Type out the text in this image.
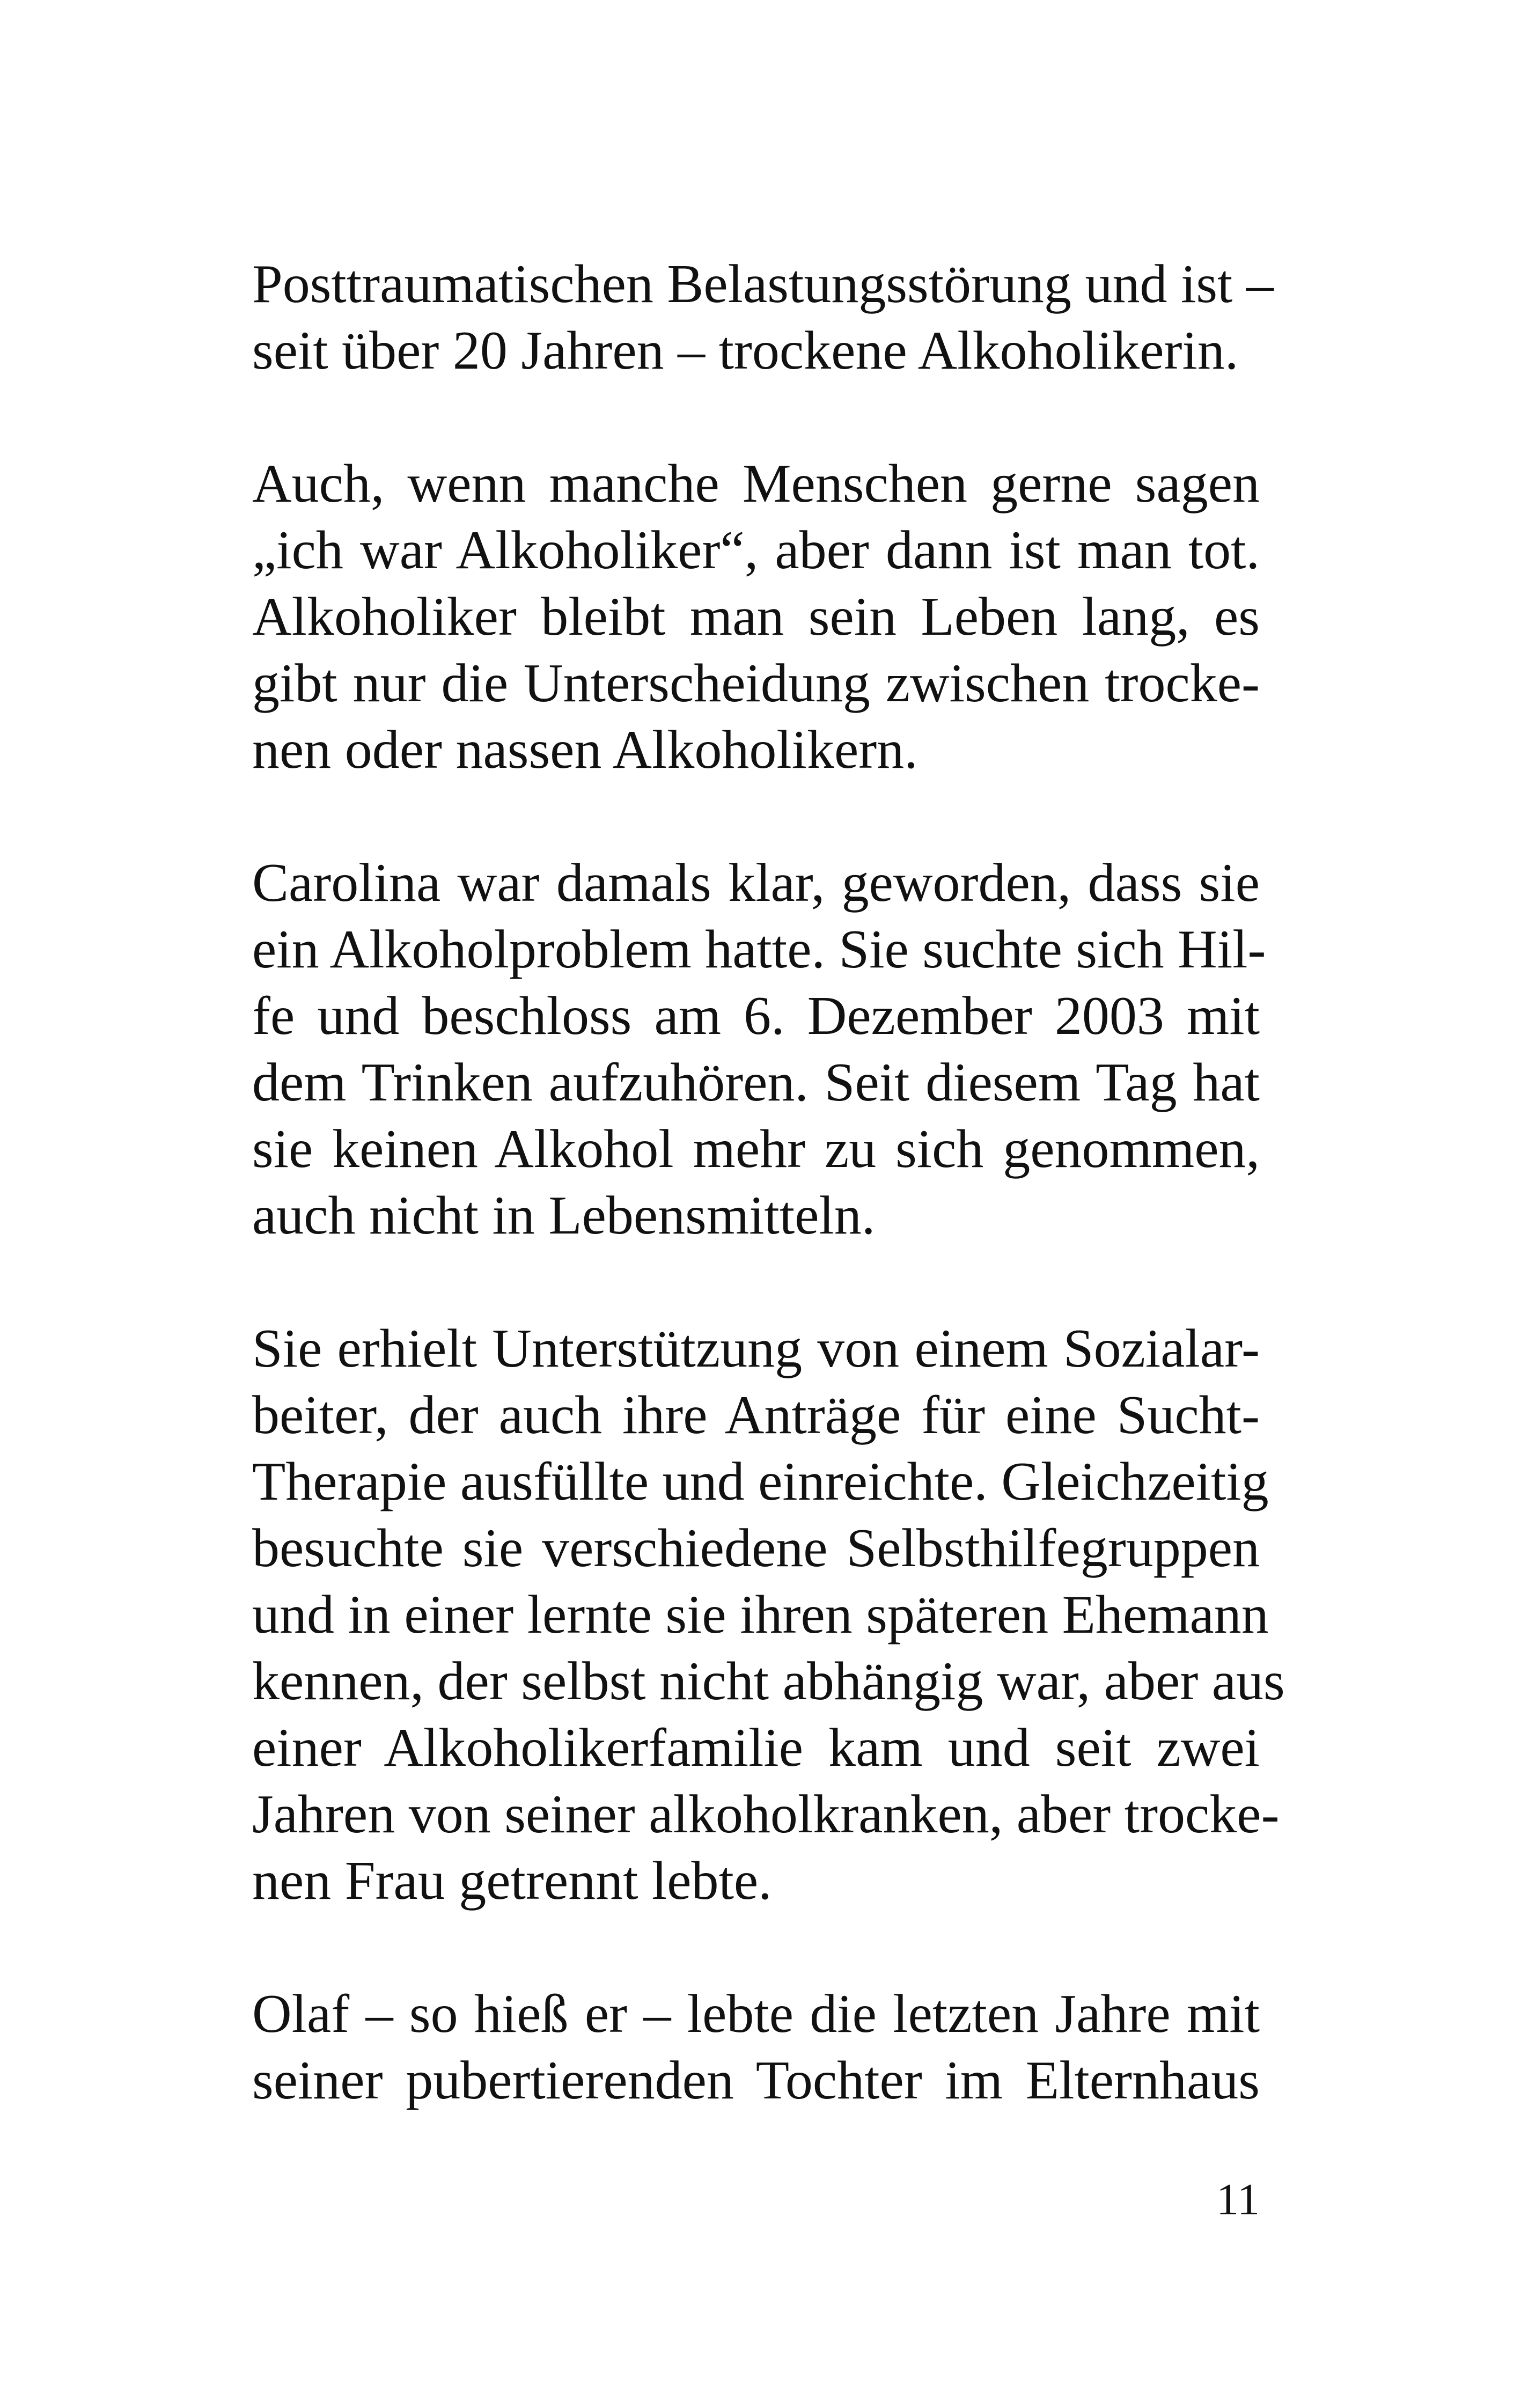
Posttraumatischen Belastungsstörung und ist –
seit über 20 Jahren – trockene Alkoholikerin.
Auch, wenn manche Menschen gerne sagen
„ich war Alkoholiker“, aber dann ist man tot.
Alkoholiker bleibt man sein Leben lang, es
gibt nur die Unterscheidung zwischen trocke-
nen oder nassen Alkoholikern.
Carolina war damals klar, geworden, dass sie
ein Alkoholproblem hatte. Sie suchte sich Hil-
fe und beschloss am 6. Dezember 2003 mit
dem Trinken aufzuhören. Seit diesem Tag hat
sie keinen Alkohol mehr zu sich genommen,
auch nicht in Lebensmitteln.
Sie erhielt Unterstützung von einem Sozialar-
beiter, der auch ihre Anträge für eine Sucht-
Therapie ausfüllte und einreichte. Gleichzeitig
besuchte sie verschiedene Selbsthilfegruppen
und in einer lernte sie ihren späteren Ehemann
kennen, der selbst nicht abhängig war, aber aus
einer Alkoholikerfamilie kam und seit zwei
Jahren von seiner alkoholkranken, aber trocke-
nen Frau getrennt lebte.
Olaf – so hieß er – lebte die letzten Jahre mit
seiner pubertierenden Tochter im Elternhaus
11
